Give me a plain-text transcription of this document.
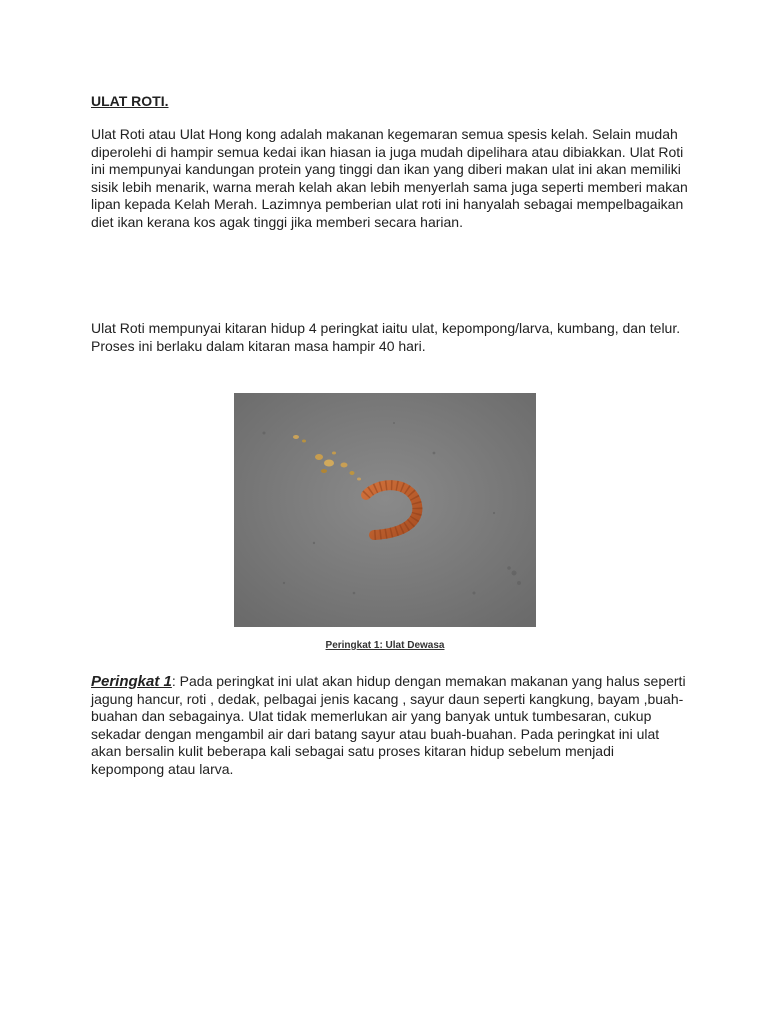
ULAT ROTI.

Ulat Roti atau Ulat Hong kong adalah makanan kegemaran semua spesis kelah. Selain mudah diperolehi di hampir semua kedai ikan hiasan ia juga mudah dipelihara atau dibiakkan. Ulat Roti ini mempunyai kandungan protein yang tinggi dan ikan yang diberi makan ulat ini akan memiliki sisik lebih menarik, warna merah kelah akan lebih menyerlah sama juga seperti memberi makan lipan kepada Kelah Merah. Lazimnya pemberian ulat roti ini hanyalah sebagai mempelbagaikan diet ikan kerana kos agak tinggi jika memberi secara harian.

Ulat Roti mempunyai kitaran hidup 4 peringkat iaitu ulat, kepompong/larva, kumbang, dan telur. Proses ini berlaku dalam kitaran masa hampir 40 hari.

Peringkat 1: Ulat Dewasa

Peringkat 1: Pada peringkat ini ulat akan hidup dengan memakan makanan yang halus seperti jagung hancur, roti , dedak, pelbagai jenis kacang , sayur daun seperti kangkung, bayam ,buah-buahan dan sebagainya. Ulat tidak memerlukan air yang banyak untuk tumbesaran, cukup sekadar dengan mengambil air dari batang sayur atau buah-buahan. Pada peringkat ini ulat akan bersalin kulit beberapa kali sebagai satu proses kitaran hidup sebelum menjadi kepompong atau larva.
